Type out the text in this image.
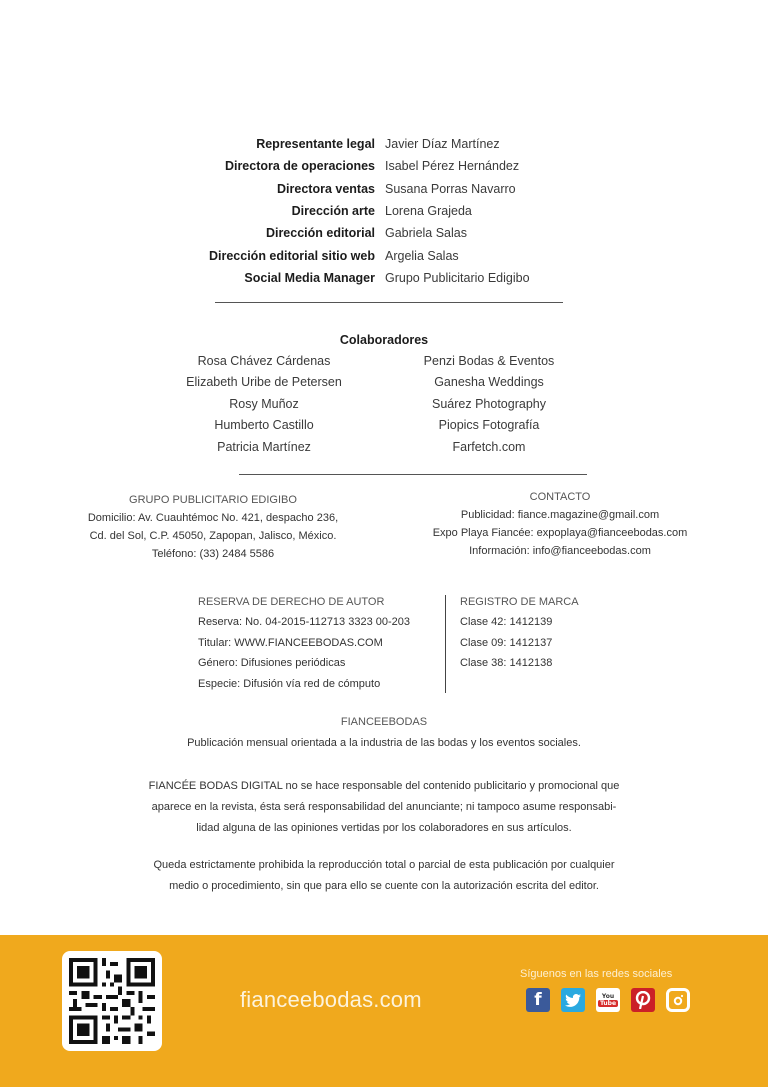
Representante legal Javier Díaz Martínez
Directora de operaciones Isabel Pérez Hernández
Directora ventas Susana Porras Navarro
Dirección arte Lorena Grajeda
Dirección editorial Gabriela Salas
Dirección editorial sitio web Argelia Salas
Social Media Manager Grupo Publicitario Edigibo
Colaboradores
Rosa Chávez Cárdenas
Elizabeth Uribe de Petersen
Rosy Muñoz
Humberto Castillo
Patricia Martínez
Penzi Bodas & Eventos
Ganesha Weddings
Suárez Photography
Piopics Fotografía
Farfetch.com
GRUPO PUBLICITARIO EDIGIBO
Domicilio: Av. Cuauhtémoc No. 421, despacho 236,
Cd. del Sol, C.P. 45050, Zapopan, Jalisco, México.
Teléfono: (33) 2484 5586
CONTACTO
Publicidad: fiance.magazine@gmail.com
Expo Playa Fiancée: expoplaya@fianceebodas.com
Información: info@fianceebodas.com
RESERVA DE DERECHO DE AUTOR
Reserva: No. 04-2015-112713 3323 00-203
Titular: WWW.FIANCEEBODAS.COM
Género: Difusiones periódicas
Especie: Difusión vía red de cómputo
REGISTRO DE MARCA
Clase 42: 1412139
Clase 09: 1412137
Clase 38: 1412138
FIANCEEBODAS
Publicación mensual orientada a la industria de las bodas y los eventos sociales.
FIANCÉE BODAS DIGITAL no se hace responsable del contenido publicitario y promocional que
aparece en la revista, ésta será responsabilidad del anunciante; ni tampoco asume responsabi-
lidad alguna de las opiniones vertidas por los colaboradores en sus artículos.
Queda estrictamente prohibida la reproducción total o parcial de esta publicación por cualquier
medio o procedimiento, sin que para ello se cuente con la autorización escrita del editor.
fianceebodas.com
Síguenos en las redes sociales
f	You
Tube
